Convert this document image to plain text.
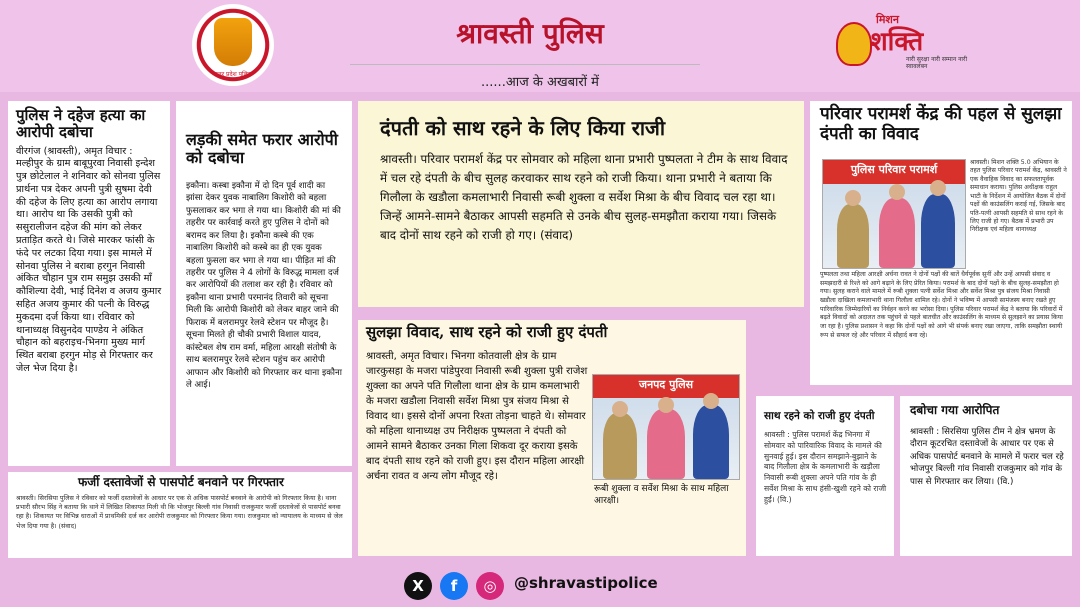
उत्तर प्रदेश पुलिस
श्रावस्ती पुलिस
......आज के अखबारों में
मिशन
शक्ति
नारी सुरक्षा नारी सम्मान नारी स्वावलंबन
पुलिस ने दहेज हत्या का आरोपी दबोचा
वीरगंज (श्रावस्ती), अमृत विचार : मल्हीपुर के ग्राम बाबूपुरवा निवासी इन्देश पुत्र छोटेलाल ने शनिवार को सोनवा पुलिस प्रार्थना पत्र देकर अपनी पुत्री सुषमा देवी की दहेज के लिए हत्या का आरोप लगाया था। आरोप था कि उसकी पुत्री को ससुरालीजन दहेज की मांग को लेकर प्रताड़ित करते थे। जिसे मारकर फांसी के फंदे पर लटका दिया गया। इस मामले में सोनवा पुलिस ने बराबा हरगुन निवासी अंकित चौहान पुत्र राम समुझ उसकी माँ कौशिल्या देवी, भाई दिनेश व अजय कुमार सहित अजय कुमार की पत्नी के विरुद्ध मुकदमा दर्ज किया था। रविवार को थानाध्यक्ष विसुनदेव पाण्डेय ने अंकित चौहान को बहराइच-भिनगा मुख्य मार्ग स्थित बराबा हरगुन मोड़ से गिरफ्तार कर जेल भेज दिया है।
लड़की समेत फरार आरोपी को दबोचा
इकौना। कस्बा इकौना में दो दिन पूर्व शादी का झांसा देकर युवक नाबालिग किशोरी को बहला फुसलाकर कर भगा ले गया था। किशोरी की मां की तहरीर पर कार्रवाई करते हुए पुलिस ने दोनों को बरामद कर लिया है। इकौना कस्बे की एक नाबालिग किशोरी को कस्बे का ही एक युवक बहला फुसला कर भगा ले गया था। पीड़ित मां की तहरीर पर पुलिस ने 4 लोगों के विरुद्ध मामला दर्ज कर आरोपियों की तलाश कर रही है। रविवार को इकौना थाना प्रभारी परमानंद तिवारी को सूचना मिली कि आरोपी किशोरी को लेकर बाहर जाने की फिराक में बलरामपुर रेलवे स्टेशन पर मौजूद है। सूचना मिलते ही चौकी प्रभारी विशाल यादव, कांस्टेबल शेष राम वर्मा, महिला आरक्षी संतोषी के साथ बलरामपुर रेलवे स्टेशन पहुंच कर आरोपी आफान और किशोरी को गिरफ्तार कर थाना इकौना ले आई।
दंपती को साथ रहने के लिए किया राजी
श्रावस्ती। परिवार परामर्श केंद्र पर सोमवार को महिला थाना प्रभारी पुष्पलता ने टीम के साथ विवाद में चल रहे दंपती के बीच सुलह करवाकर साथ रहने को राजी किया। थाना प्रभारी ने बताया कि गिलौला के खडौला कमलाभारी निवासी रूबी शुक्ला व सर्वेश मिश्रा के बीच विवाद चल रहा था। जिन्हें आमने-सामने बैठाकर आपसी सहमति से उनके बीच सुलह-समझौता कराया गया। जिसके बाद दोनों साथ रहने को राजी हो गए। (संवाद)
परिवार परामर्श केंद्र की पहल से सुलझा दंपती का विवाद
पुलिस परिवार परामर्श
श्रावस्ती। मिशन शक्ति 5.0 अभियान के तहत पुलिस परिवार परामर्श केंद्र, श्रावस्ती ने एक वैवाहिक विवाद का सफलतापूर्वक समाधान कराया। पुलिस अधीक्षक राहुल भाटी के निर्देशन में आयोजित बैठक में दोनों पक्षों की काउंसलिंग कराई गई, जिसके बाद पति-पत्नी आपसी सहमति से साथ रहने के लिए राजी हो गए। बैठक में प्रभारी उप निरीक्षक एवं महिला थानाध्यक्ष
पुष्पलता तथा महिला आरक्षी अर्चना रावत ने दोनों पक्षों की बातें धैर्यपूर्वक सुनीं और उन्हें आपसी संवाद व समझदारी से रिश्ते को आगे बढ़ाने के लिए प्रेरित किया। परामर्श के बाद दोनों पक्षों के बीच सुलह-समझौता हो गया। सुलह कराने वाले मामले में रूबी शुक्ला पत्नी सर्वेश मिश्रा और सर्वेश मिश्रा पुत्र संजय मिश्रा निवासी खडौला दाखिला कमलाभारी थाना गिलौला शामिल रहे। दोनों ने भविष्य में आपसी सामंजस्य बनाए रखते हुए पारिवारिक जिम्मेदारियों का निर्वहन करने का भरोसा दिया। पुलिस परिवार परामर्श केंद्र ने बताया कि परिवारों में बढ़ते विवादों को अदालत तक पहुंचने से पहले बातचीत और काउंसलिंग के माध्यम से सुलझाने का प्रयास किया जा रहा है। पुलिस प्रशासन ने कहा कि दोनों पक्षों को आगे भी संपर्क बनाए रखा जाएगा, ताकि समझौता स्थायी रूप से सफल रहे और परिवार में सौहार्द बना रहे।
सुलझा विवाद, साथ रहने को राजी हुए दंपती
श्रावस्ती, अमृत विचार। भिनगा कोतवाली क्षेत्र के ग्राम जारकुसहा के मजरा पांडेपुरवा निवासी रूबी शुक्ला पुत्री राजेश शुक्ला का अपने पति गिलौला थाना क्षेत्र के ग्राम कमलाभारी के मजरा खडौला निवासी सर्वेश मिश्रा पुत्र संजय मिश्रा से विवाद था। इससे दोनों अपना रिश्ता तोड़ना चाहते थे। सोमवार को महिला थानाध्यक्ष उप निरीक्षक पुष्पलता ने दंपती को आमने सामने बैठाकर उनका गिला शिकवा दूर कराया इसके बाद दंपती साथ रहने को राजी हुए। इस दौरान महिला आरक्षी अर्चना रावत व अन्य लोग मौजूद रहे।
जनपद पुलिस
रूबी शुक्ला व सर्वेश मिश्रा के साथ महिला आरक्षी।
फर्जी दस्तावेजों से पासपोर्ट बनवाने पर गिरफ्तार
श्रावस्ती। सिरसिया पुलिस ने रविवार को फर्जी दस्तावेजों के आधार पर एक से अधिक पासपोर्ट बनवाने के आरोपी को गिरफ्तार किया है। थाना प्रभारी सौरभ सिंह ने बताया कि थाने में लिखित शिकायत मिली थी कि भोजपुर बिल्ली गांव निवासी राजकुमार फर्जी दस्तावेजों से पासपोर्ट बनवा रहा है। शिकायत पर विभिन्न धाराओं में प्राथमिकी दर्ज कर आरोपी राजकुमार को गिरफ्तार किया गया। राजकुमार को न्यायालय के माध्यम से जेल भेज दिया गया है। (संवाद)
साथ रहने को राजी हुए दंपती
श्रावस्ती : पुलिस परामर्श केंद्र भिनगा में सोमवार को पारिवारिक विवाद के मामले की सुनवाई हुई। इस दौरान समझाने-बुझाने के बाद गिलौला क्षेत्र के कमलाभारी के खड़ौला निवासी रूबी शुक्ला अपने पति गांव के ही सर्वेश मिश्रा के साथ हंसी-खुशी रहने को राजी हुईं। (वि.)
दबोचा गया आरोपित
श्रावस्ती : सिरसिया पुलिस टीम ने क्षेत्र भ्रमण के दौरान कूटरचित दस्तावेजों के आधार पर एक से अधिक पासपोर्ट बनवाने के मामले में फरार चल रहे भोजपुर बिल्ली गांव निवासी राजकुमार को गांव के पास से गिरफ्तार कर लिया। (वि.)
X	f	◎	@shravastipolice
